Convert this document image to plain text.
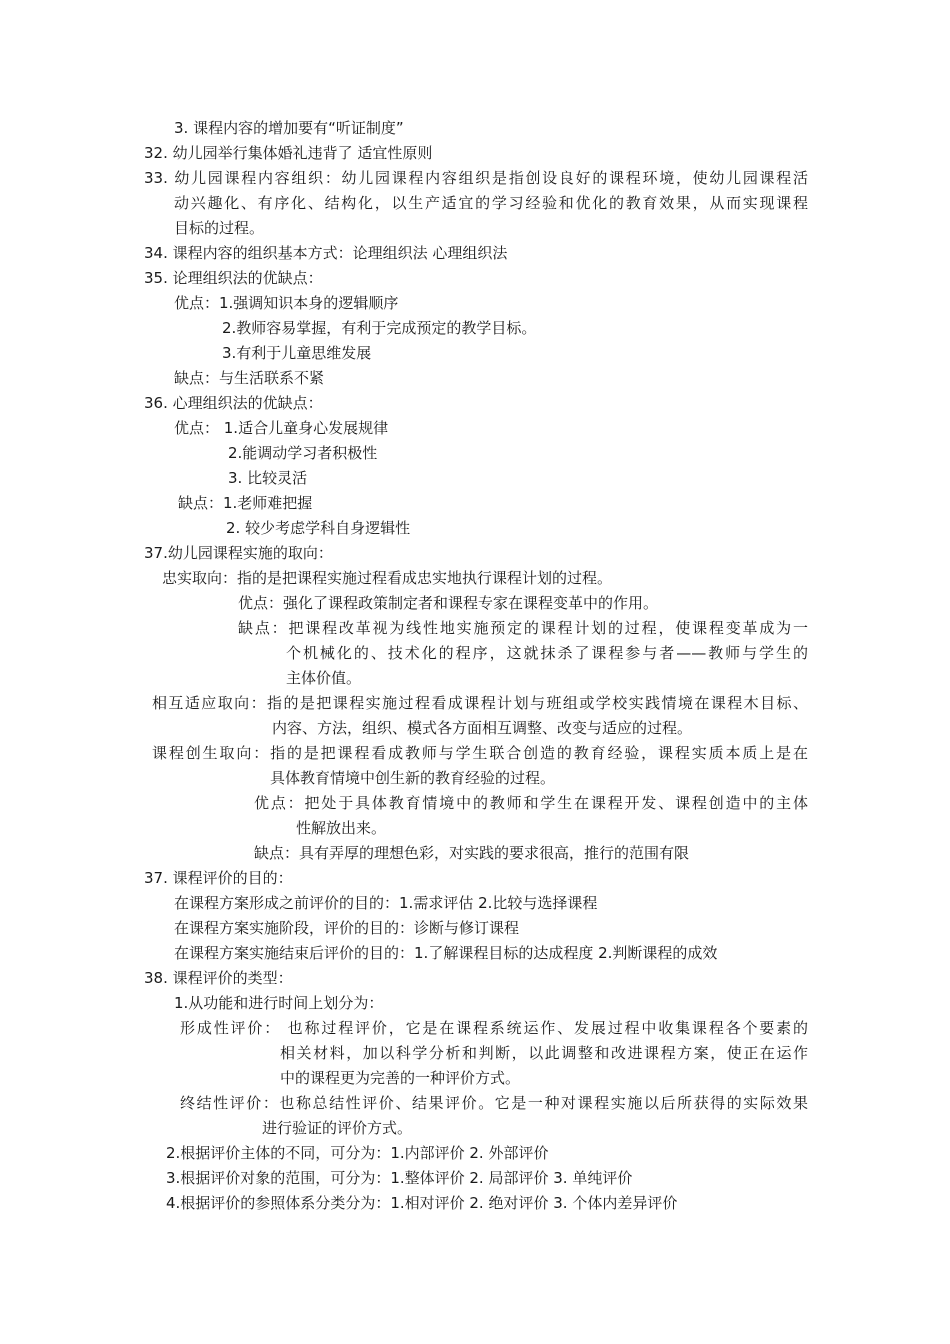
3. 课程内容的增加要有“听证制度”
32. 幼儿园举行集体婚礼违背了 适宜性原则
33. 幼儿园课程内容组织：幼儿园课程内容组织是指创设良好的课程环境，使幼儿园课程活
动兴趣化、有序化、结构化，以生产适宜的学习经验和优化的教育效果，从而实现课程
目标的过程。
34. 课程内容的组织基本方式：论理组织法 心理组织法
35. 论理组织法的优缺点：
优点：1.强调知识本身的逻辑顺序
2.教师容易掌握，有利于完成预定的教学目标。
3.有利于儿童思维发展
缺点：与生活联系不紧
36. 心理组织法的优缺点：
优点： 1.适合儿童身心发展规律
2.能调动学习者积极性
3. 比较灵活
缺点：1.老师难把握
2. 较少考虑学科自身逻辑性
37.幼儿园课程实施的取向：
忠实取向：指的是把课程实施过程看成忠实地执行课程计划的过程。
优点：强化了课程政策制定者和课程专家在课程变革中的作用。
缺点：把课程改革视为线性地实施预定的课程计划的过程，使课程变革成为一
个机械化的、技术化的程序，这就抹杀了课程参与者——教师与学生的
主体价值。
相互适应取向：指的是把课程实施过程看成课程计划与班组或学校实践情境在课程木目标、
内容、方法，组织、模式各方面相互调整、改变与适应的过程。
课程创生取向：指的是把课程看成教师与学生联合创造的教育经验，课程实质本质上是在
具体教育情境中创生新的教育经验的过程。
优点：把处于具体教育情境中的教师和学生在课程开发、课程创造中的主体
性解放出来。
缺点：具有弄厚的理想色彩，对实践的要求很高，推行的范围有限
37. 课程评价的目的：
在课程方案形成之前评价的目的：1.需求评估 2.比较与选择课程
在课程方案实施阶段，评价的目的：诊断与修订课程
在课程方案实施结束后评价的目的：1.了解课程目标的达成程度 2.判断课程的成效
38. 课程评价的类型：
1.从功能和进行时间上划分为：
形成性评价： 也称过程评价，它是在课程系统运作、发展过程中收集课程各个要素的
相关材料，加以科学分析和判断，以此调整和改进课程方案，使正在运作
中的课程更为完善的一种评价方式。
终结性评价：也称总结性评价、结果评价。它是一种对课程实施以后所获得的实际效果
进行验证的评价方式。
2.根据评价主体的不同，可分为：1.内部评价 2. 外部评价
3.根据评价对象的范围，可分为：1.整体评价 2. 局部评价 3. 单纯评价
4.根据评价的参照体系分类分为：1.相对评价 2. 绝对评价 3. 个体内差异评价
